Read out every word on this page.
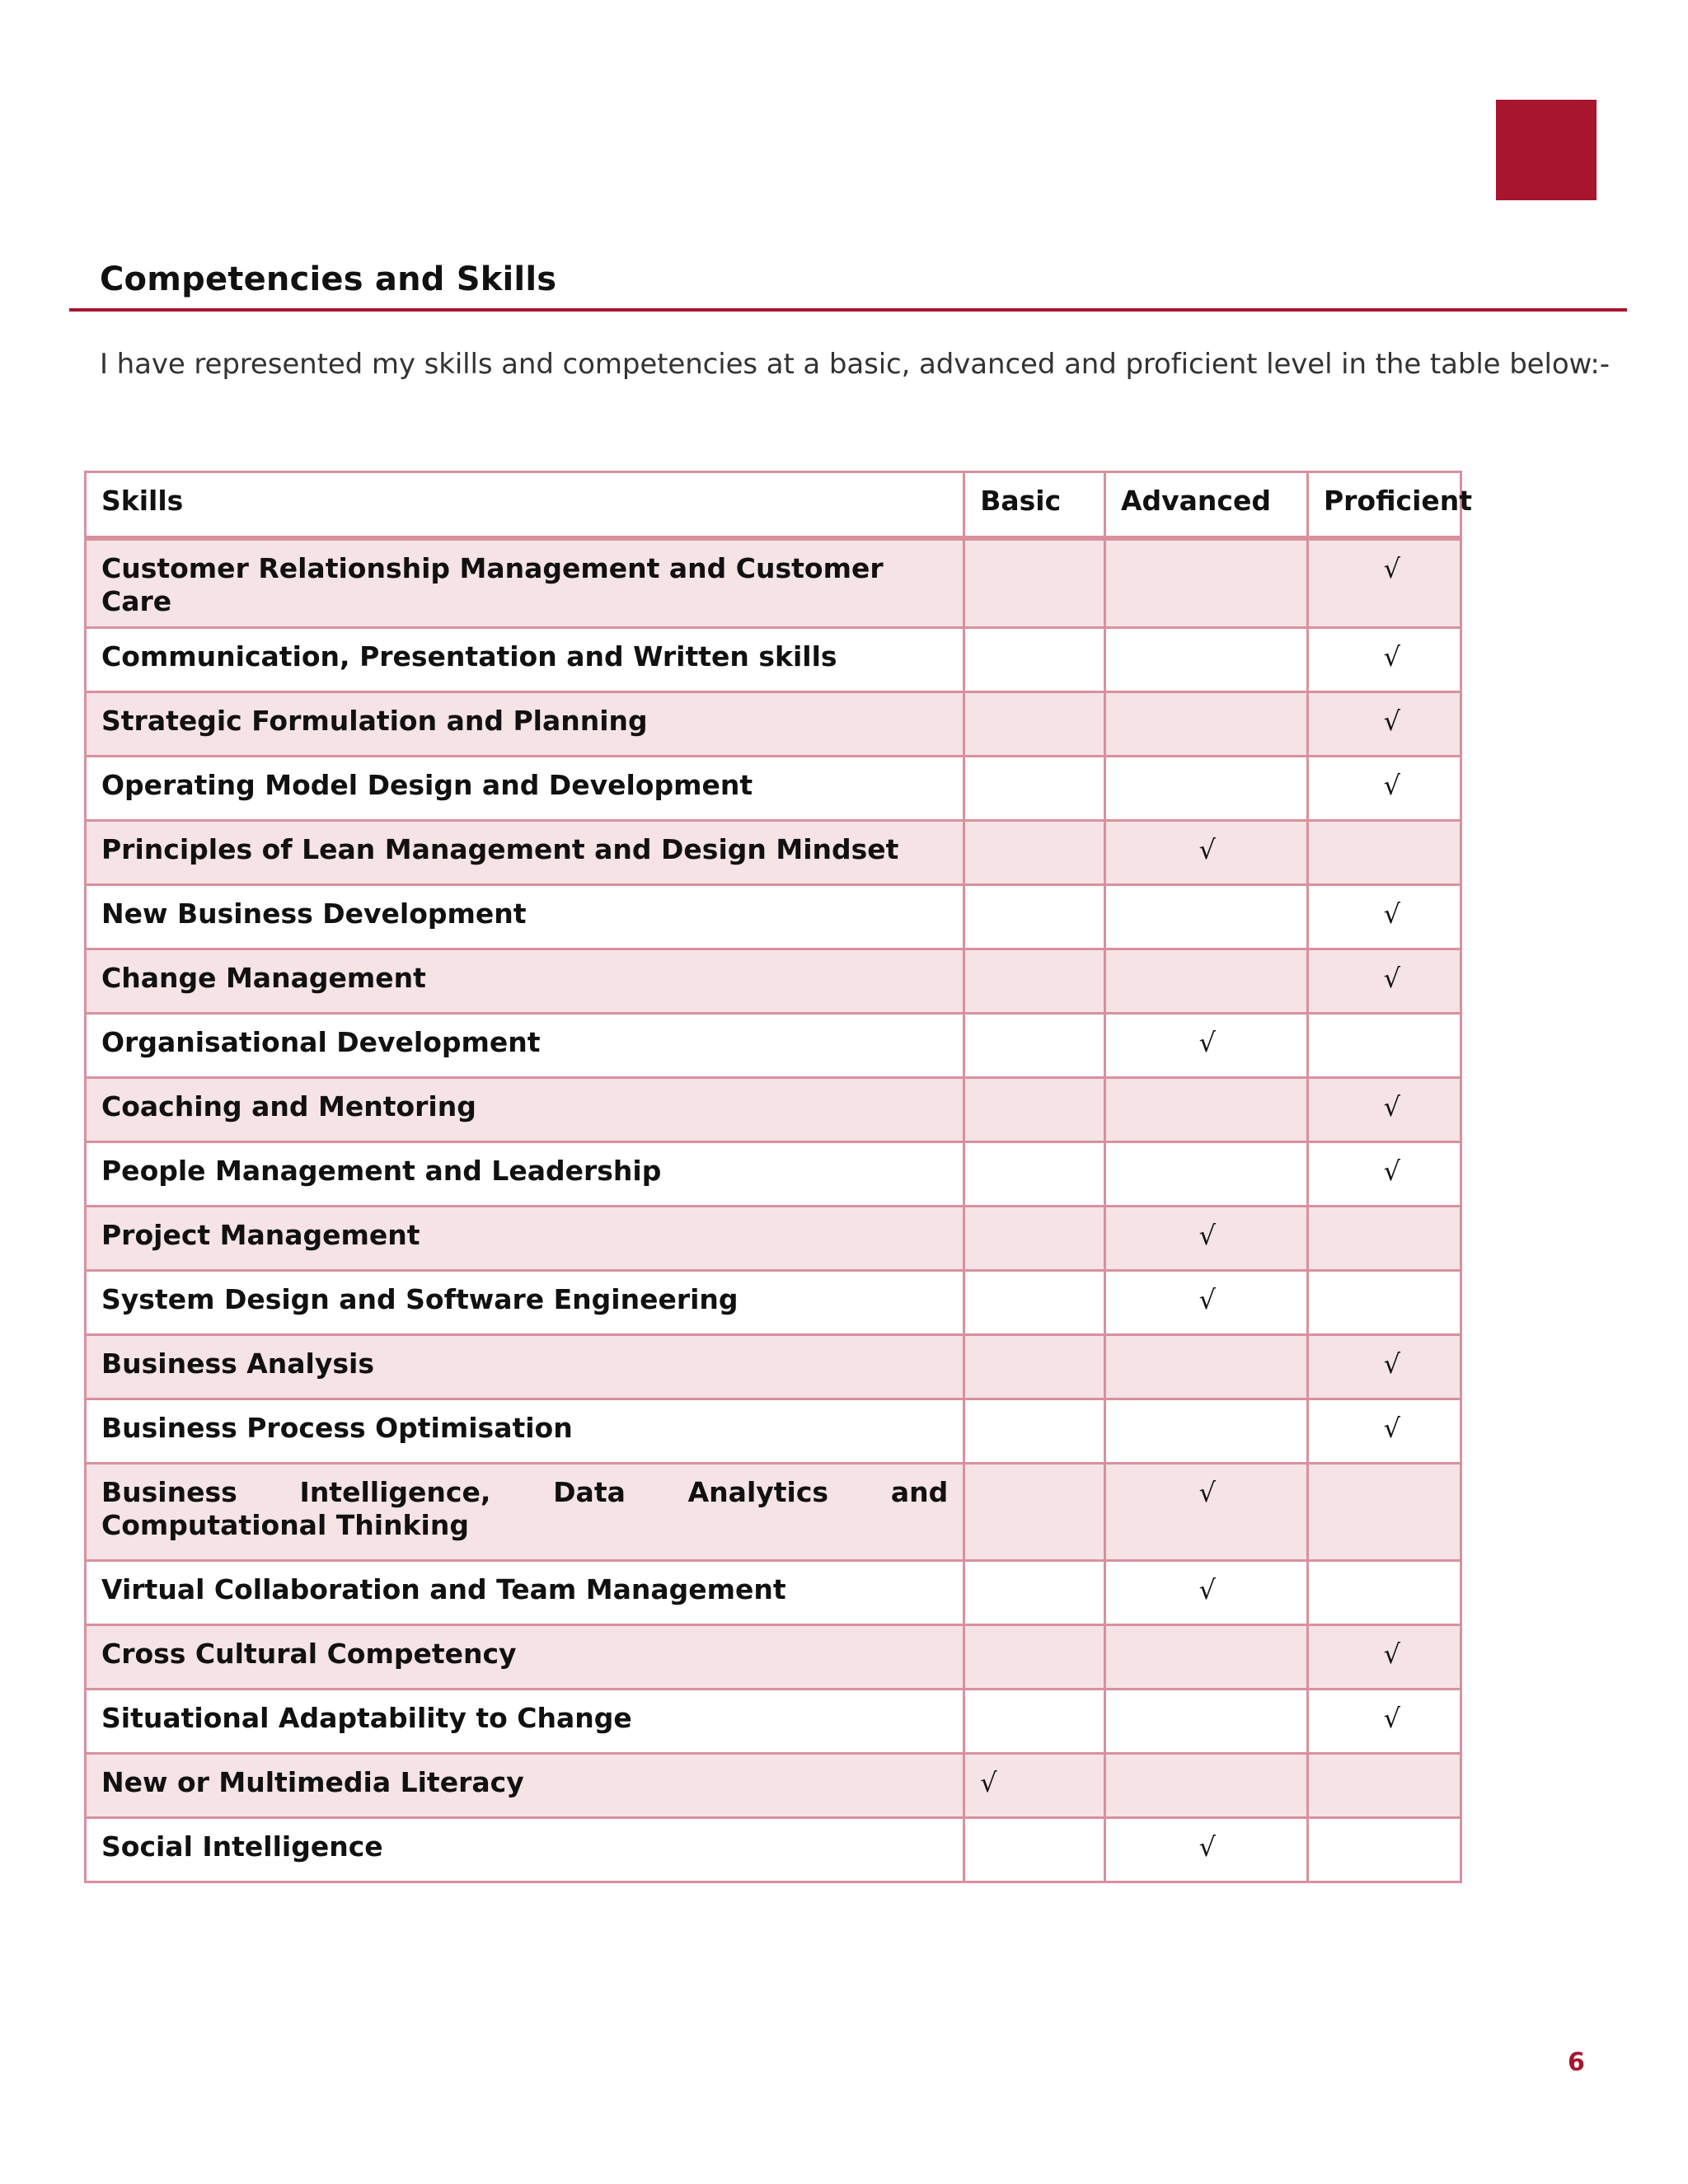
Competencies and Skills
I have represented my skills and competencies at a basic, advanced and proficient level in the table below:-
Skills	Basic	Advanced	Proficient
Customer Relationship Management and Customer Care			√
Communication, Presentation and Written skills			√
Strategic Formulation and Planning			√
Operating Model Design and Development			√
Principles of Lean Management and Design Mindset		√	
New Business Development			√
Change Management			√
Organisational Development		√	
Coaching and Mentoring			√
People Management and Leadership			√
Project Management		√	
System Design and Software Engineering		√	
Business Analysis			√
Business Process Optimisation			√
Business Intelligence, Data Analytics and Computational Thinking		√	
Virtual Collaboration and Team Management		√	
Cross Cultural Competency			√
Situational Adaptability to Change			√
New or Multimedia Literacy	√		
Social Intelligence		√	
6
